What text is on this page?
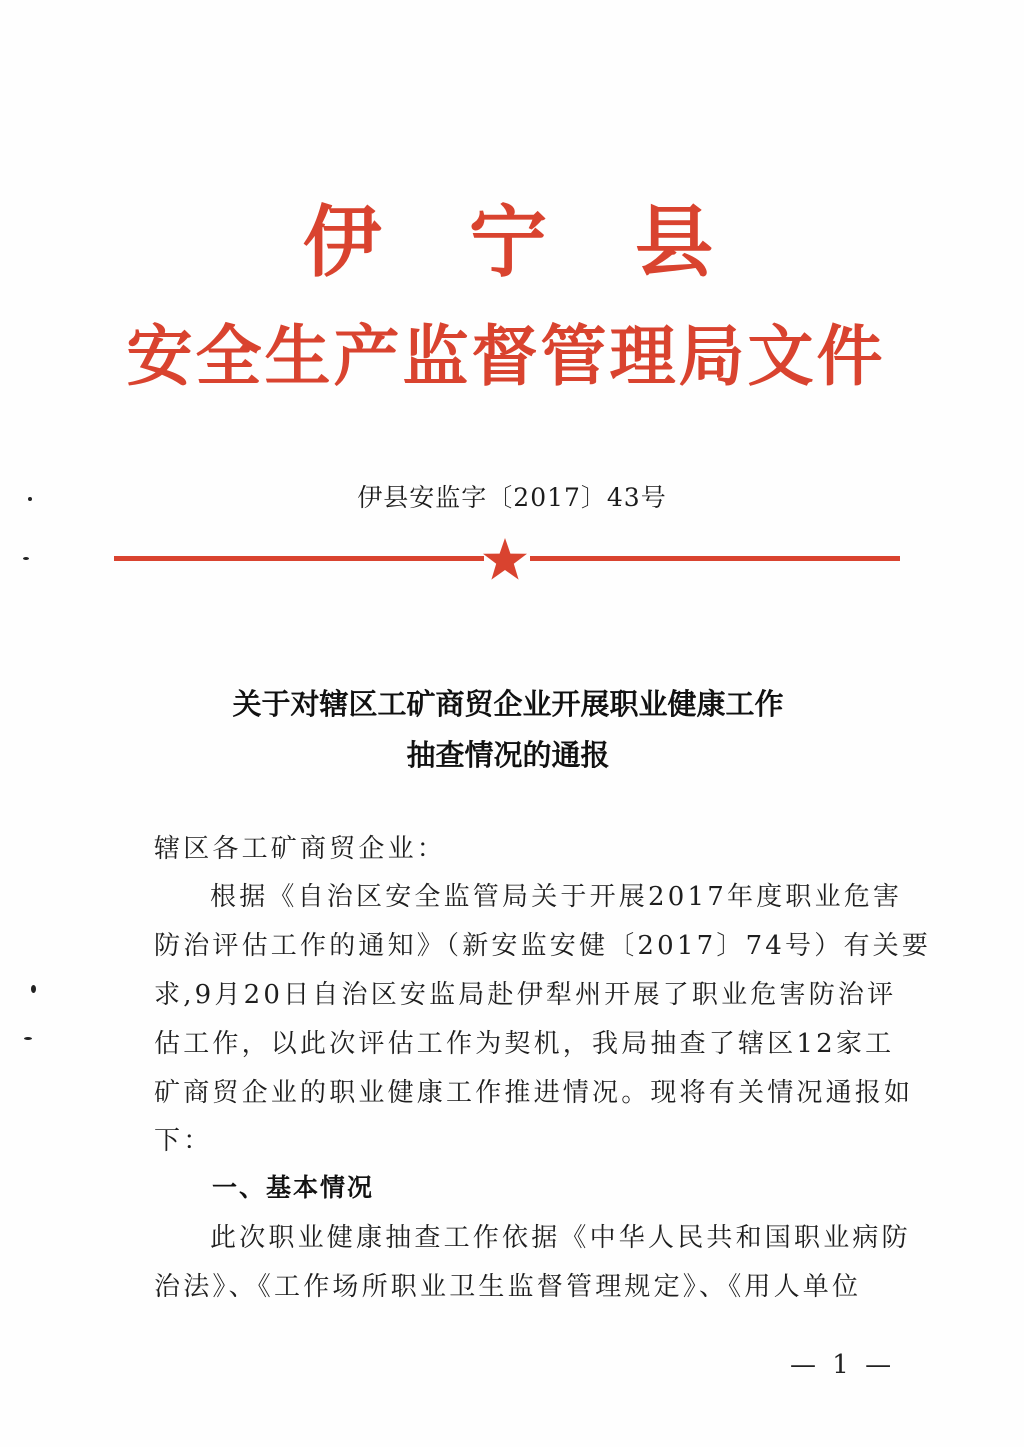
伊宁县
安全生产监督管理局文件
伊县安监字〔2017〕43号
关于对辖区工矿商贸企业开展职业健康工作
抽查情况的通报
辖区各工矿商贸企业：
根据《自治区安全监管局关于开展2017年度职业危害
防治评估工作的通知》（新安监安健〔2017〕74号）有关要
求,9月20日自治区安监局赴伊犁州开展了职业危害防治评
估工作，以此次评估工作为契机，我局抽查了辖区12家工
矿商贸企业的职业健康工作推进情况。现将有关情况通报如
下：
一、基本情况
此次职业健康抽查工作依据《中华人民共和国职业病防
治法》、《工作场所职业卫生监督管理规定》、《用人单位
— 1 —
